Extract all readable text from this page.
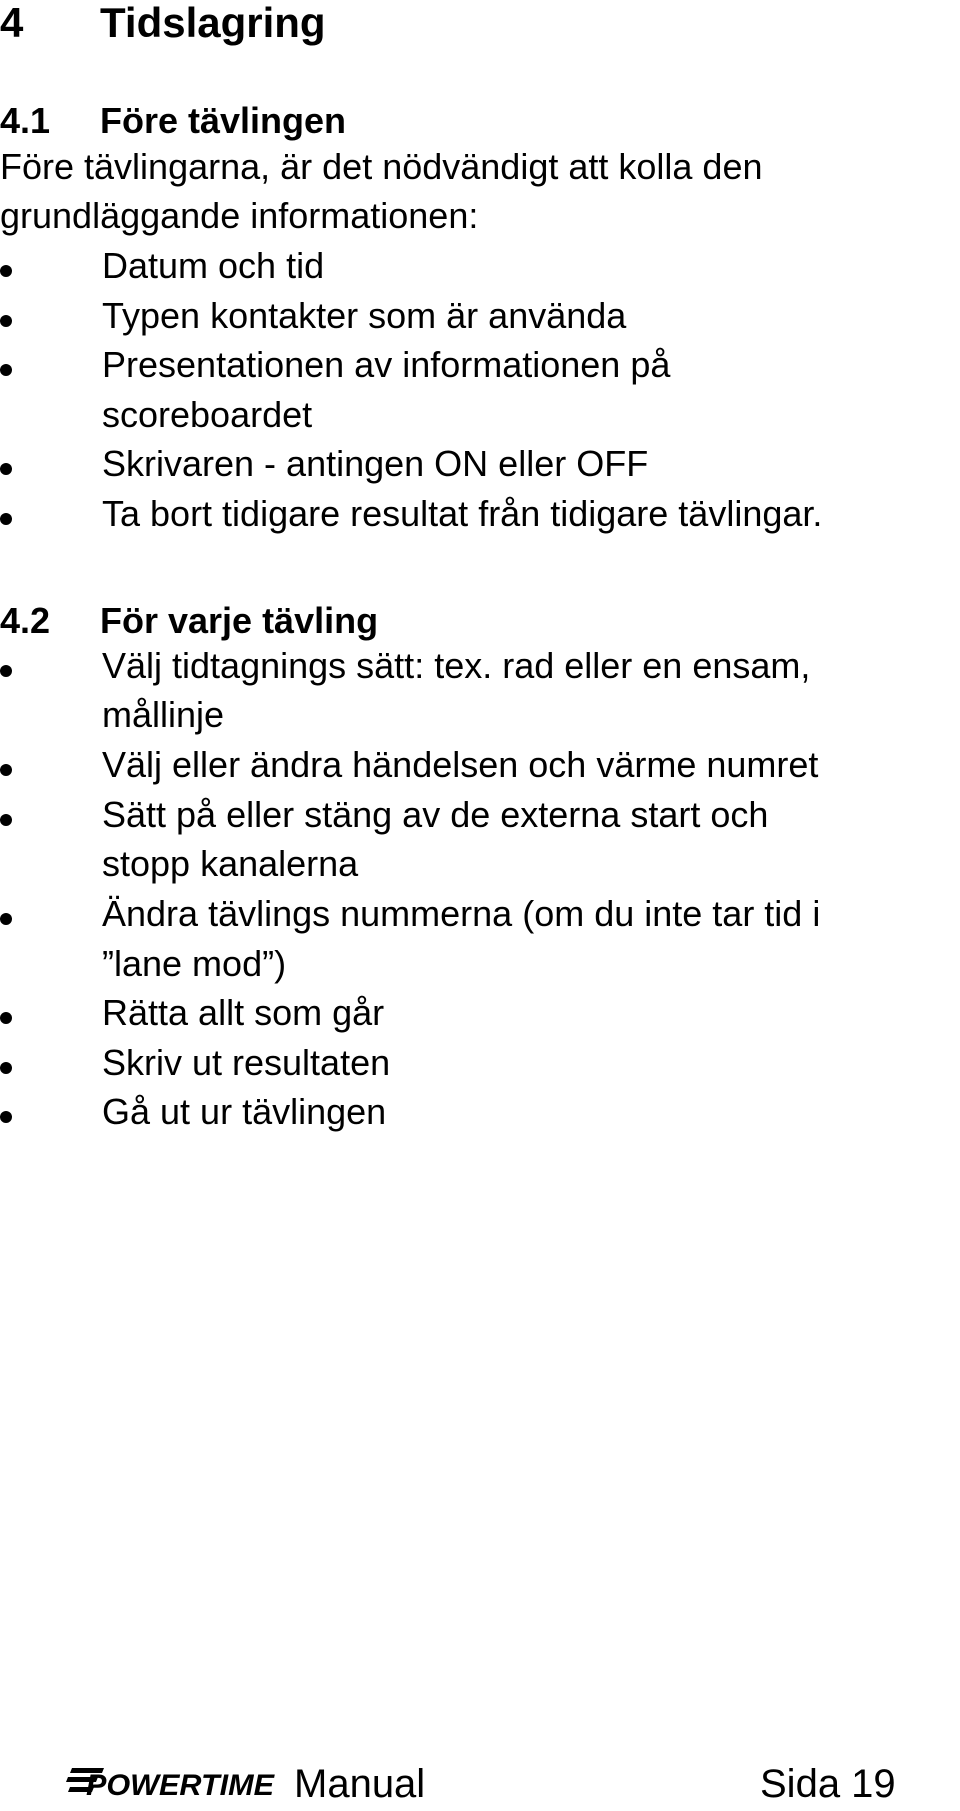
4 Tidslagring
4.1 Före tävlingen
Före tävlingarna, är det nödvändigt att kolla den
grundläggande informationen:
Datum och tid
Typen kontakter som är använda
Presentationen av informationen på
scoreboardet
Skrivaren - antingen ON eller OFF
Ta bort tidigare resultat från tidigare tävlingar.
4.2 För varje tävling
Välj tidtagnings sätt: tex. rad eller en ensam,
mållinje
Välj eller ändra händelsen och värme numret
Sätt på eller stäng av de externa start och
stopp kanalerna
Ändra tävlings nummerna (om du inte tar tid i
”lane mod”)
Rätta allt som går
Skriv ut resultaten
Gå ut ur tävlingen
POWERTIME Manual	Sida 19
